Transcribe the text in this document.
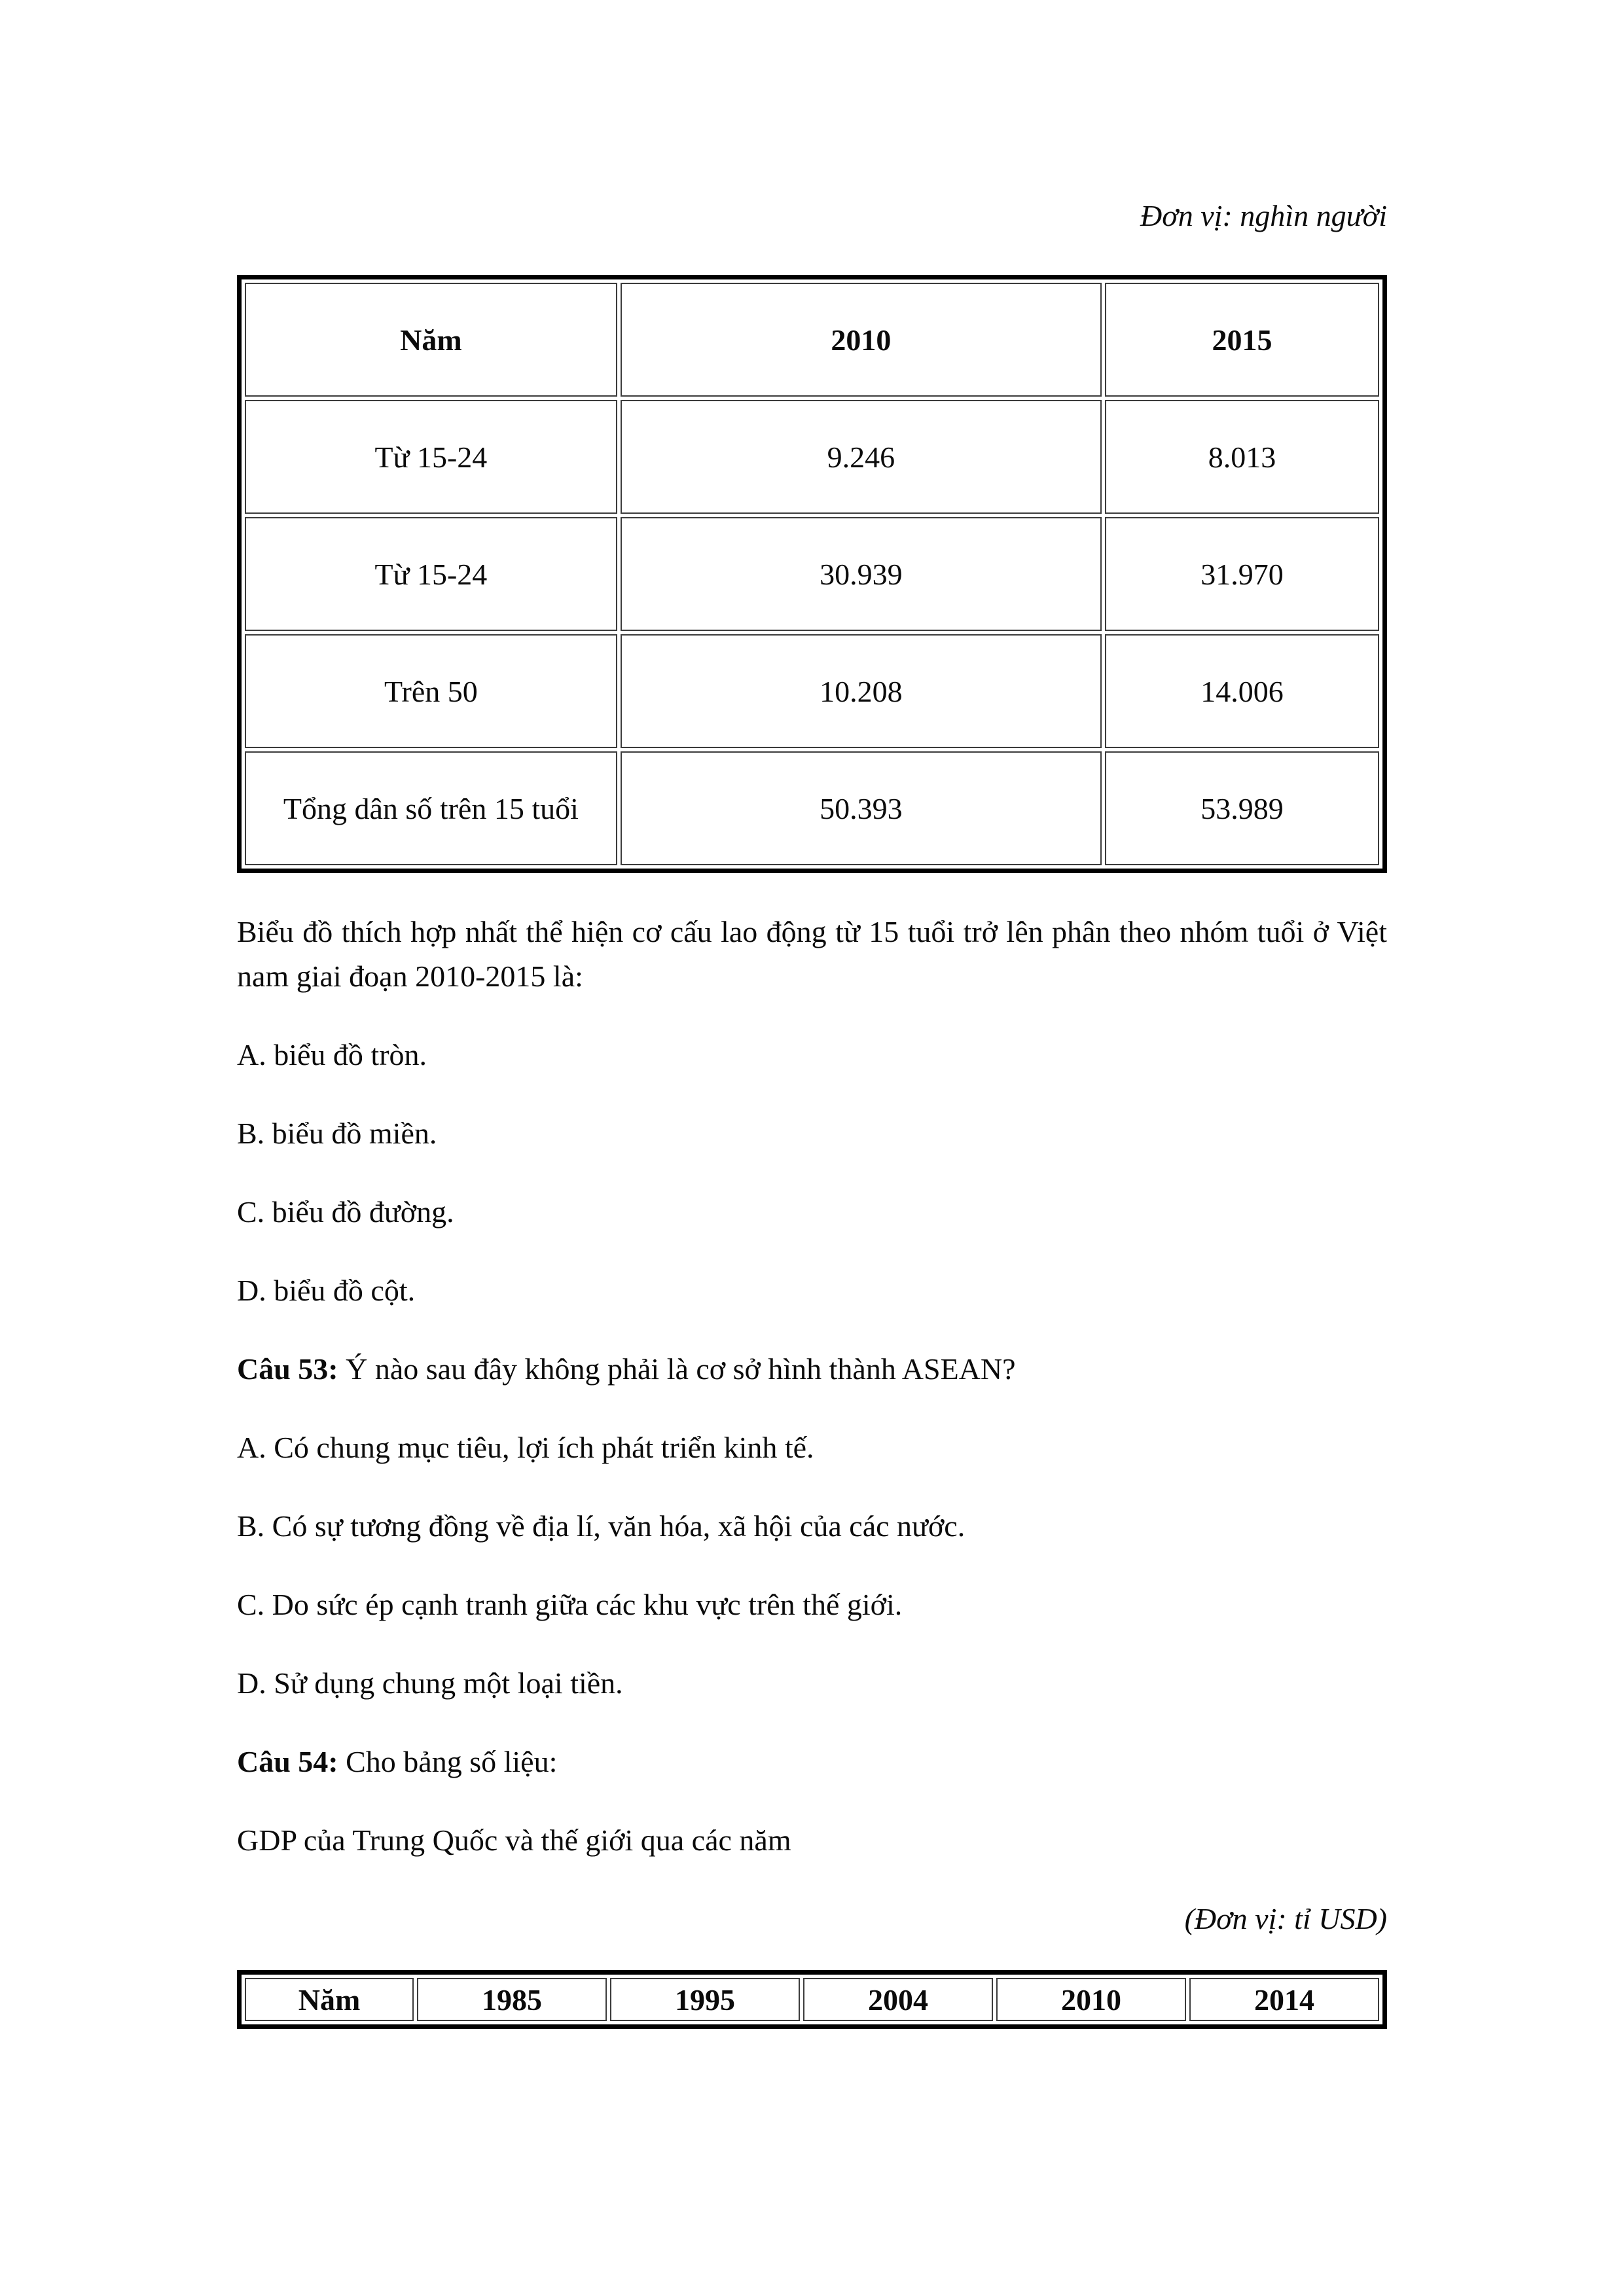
Đơn vị: nghìn người

Năm	2010	2015
Từ 15-24	9.246	8.013
Từ 15-24	30.939	31.970
Trên 50	10.208	14.006
Tổng dân số trên 15 tuổi	50.393	53.989

Biểu đồ thích hợp nhất thể hiện cơ cấu lao động từ 15 tuổi trở lên phân theo nhóm tuổi ở Việt nam giai đoạn 2010-2015 là:

A. biểu đồ tròn.

B. biểu đồ miền.

C. biểu đồ đường.

D. biểu đồ cột.

Câu 53: Ý nào sau đây không phải là cơ sở hình thành ASEAN?

A. Có chung mục tiêu, lợi ích phát triển kinh tế.

B. Có sự tương đồng về địa lí, văn hóa, xã hội của các nước.

C. Do sức ép cạnh tranh giữa các khu vực trên thế giới.

D. Sử dụng chung một loại tiền.

Câu 54: Cho bảng số liệu:

GDP của Trung Quốc và thế giới qua các năm

(Đơn vị: tỉ USD)

Năm	1985	1995	2004	2010	2014
